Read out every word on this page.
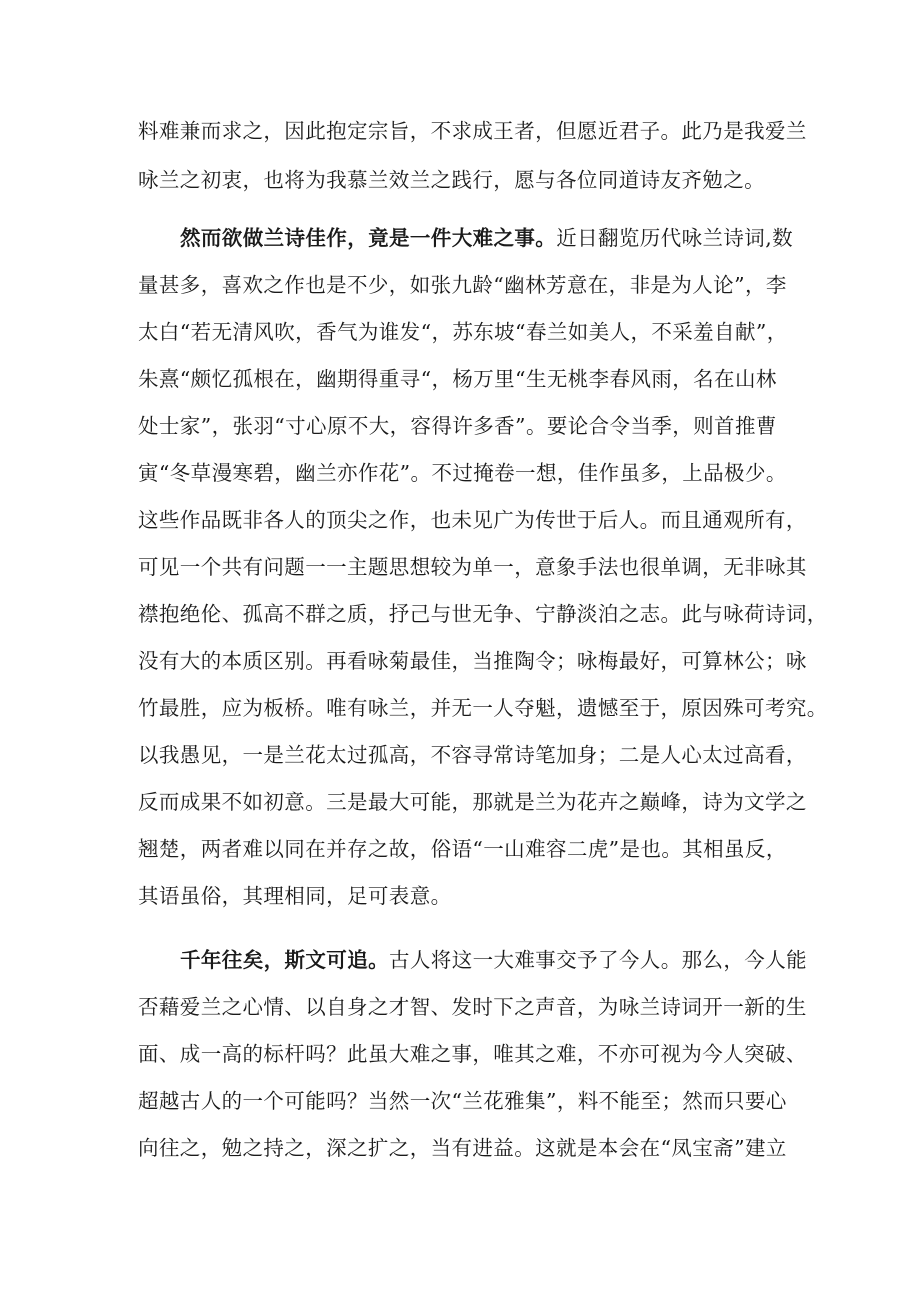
料难兼而求之，因此抱定宗旨，不求成王者，但愿近君子。此乃是我爱兰
咏兰之初衷，也将为我慕兰效兰之践行，愿与各位同道诗友齐勉之。
然而欲做兰诗佳作，竟是一件大难之事。近日翻览历代咏兰诗词,数
量甚多，喜欢之作也是不少，如张九龄“幽林芳意在，非是为人论”，李
太白“若无清风吹，香气为谁发“，苏东坡“春兰如美人，不采羞自献”，
朱熹“颇忆孤根在，幽期得重寻“，杨万里“生无桃李春风雨，名在山林
处士家”，张羽“寸心原不大，容得许多香”。要论合令当季，则首推曹
寅“冬草漫寒碧，幽兰亦作花”。不过掩卷一想，佳作虽多，上品极少。
这些作品既非各人的顶尖之作，也未见广为传世于后人。而且通观所有，
可见一个共有问题一一主题思想较为单一，意象手法也很单调，无非咏其
襟抱绝伦、孤高不群之质，抒己与世无争、宁静淡泊之志。此与咏荷诗词，
没有大的本质区别。再看咏菊最佳，当推陶令；咏梅最好，可算林公；咏
竹最胜，应为板桥。唯有咏兰，并无一人夺魁，遗憾至于，原因殊可考究。
以我愚见，一是兰花太过孤高，不容寻常诗笔加身；二是人心太过高看，
反而成果不如初意。三是最大可能，那就是兰为花卉之巅峰，诗为文学之
翘楚，两者难以同在并存之故，俗语“一山难容二虎”是也。其相虽反，
其语虽俗，其理相同，足可表意。
千年往矣，斯文可追。古人将这一大难事交予了今人。那么，今人能
否藉爱兰之心情、以自身之才智、发时下之声音，为咏兰诗词开一新的生
面、成一高的标杆吗？此虽大难之事，唯其之难，不亦可视为今人突破、
超越古人的一个可能吗？当然一次“兰花雅集”，料不能至；然而只要心
向往之，勉之持之，深之扩之，当有进益。这就是本会在“凤宝斋”建立
